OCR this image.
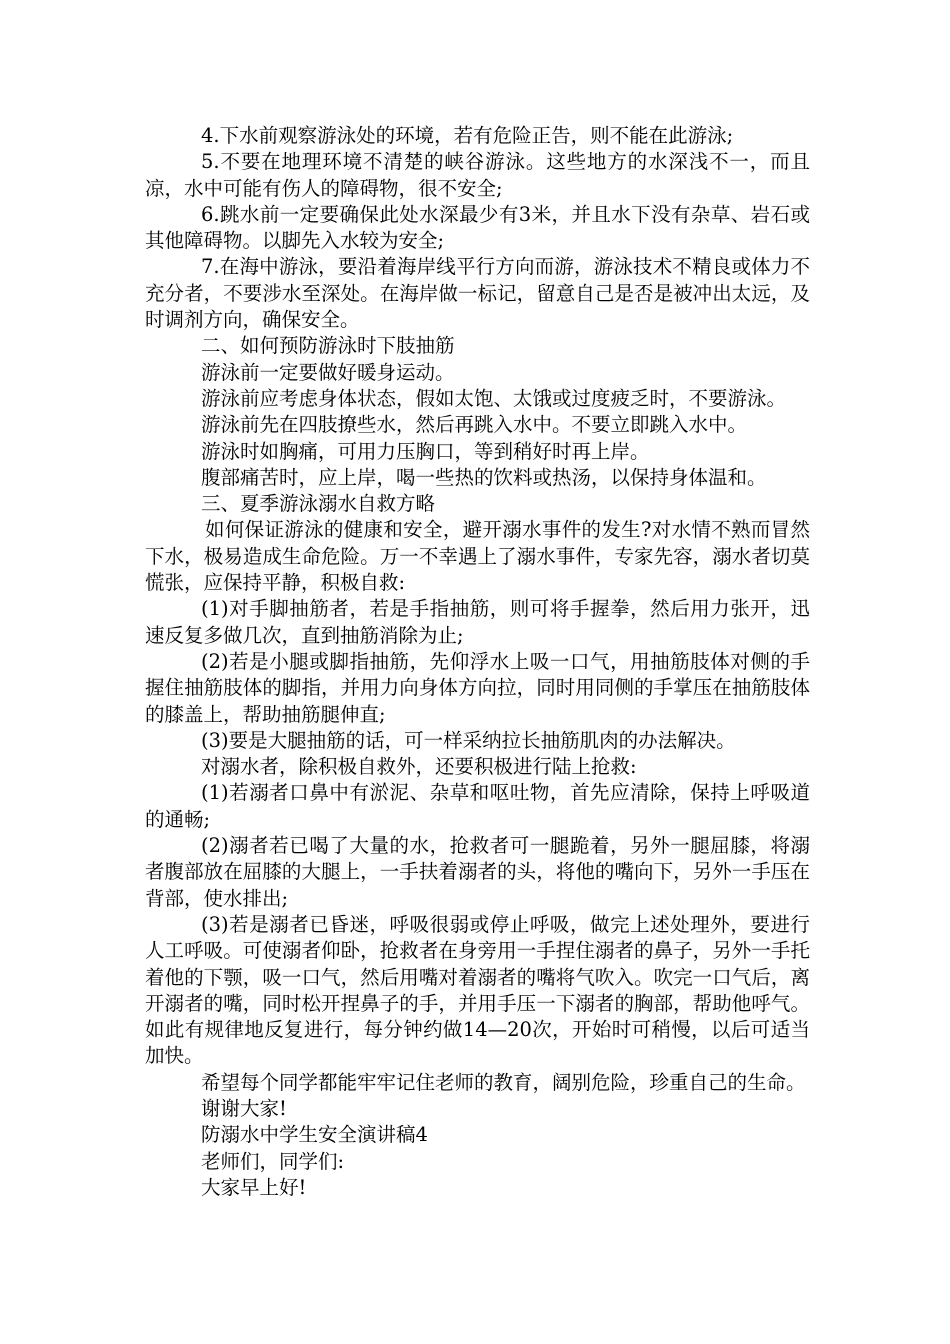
4.下水前观察游泳处的环境，若有危险正告，则不能在此游泳;

5.不要在地理环境不清楚的峡谷游泳。这些地方的水深浅不一，而且凉，水中可能有伤人的障碍物，很不安全;

6.跳水前一定要确保此处水深最少有3米，并且水下没有杂草、岩石或其他障碍物。以脚先入水较为安全;

7.在海中游泳，要沿着海岸线平行方向而游，游泳技术不精良或体力不充分者，不要涉水至深处。在海岸做一标记，留意自己是否是被冲出太远，及时调剂方向，确保安全。

二、如何预防游泳时下肢抽筋

游泳前一定要做好暖身运动。

游泳前应考虑身体状态，假如太饱、太饿或过度疲乏时，不要游泳。

游泳前先在四肢撩些水，然后再跳入水中。不要立即跳入水中。

游泳时如胸痛，可用力压胸口，等到稍好时再上岸。

腹部痛苦时，应上岸，喝一些热的饮料或热汤，以保持身体温和。

三、夏季游泳溺水自救方略

如何保证游泳的健康和安全，避开溺水事件的发生?对水情不熟而冒然下水，极易造成生命危险。万一不幸遇上了溺水事件，专家先容，溺水者切莫慌张，应保持平静，积极自救:

(1)对手脚抽筋者，若是手指抽筋，则可将手握拳，然后用力张开，迅速反复多做几次，直到抽筋消除为止;

(2)若是小腿或脚指抽筋，先仰浮水上吸一口气，用抽筋肢体对侧的手握住抽筋肢体的脚指，并用力向身体方向拉，同时用同侧的手掌压在抽筋肢体的膝盖上，帮助抽筋腿伸直;

(3)要是大腿抽筋的话，可一样采纳拉长抽筋肌肉的办法解决。

对溺水者，除积极自救外，还要积极进行陆上抢救:

(1)若溺者口鼻中有淤泥、杂草和呕吐物，首先应清除，保持上呼吸道的通畅;

(2)溺者若已喝了大量的水，抢救者可一腿跪着，另外一腿屈膝，将溺者腹部放在屈膝的大腿上，一手扶着溺者的头，将他的嘴向下，另外一手压在背部，使水排出;

(3)若是溺者已昏迷，呼吸很弱或停止呼吸，做完上述处理外，要进行人工呼吸。可使溺者仰卧，抢救者在身旁用一手捏住溺者的鼻子，另外一手托着他的下颚，吸一口气，然后用嘴对着溺者的嘴将气吹入。吹完一口气后，离开溺者的嘴，同时松开捏鼻子的手，并用手压一下溺者的胸部，帮助他呼气。如此有规律地反复进行，每分钟约做14—20次，开始时可稍慢，以后可适当加快。

希望每个同学都能牢牢记住老师的教育，阔别危险，珍重自己的生命。

谢谢大家!

防溺水中学生安全演讲稿4

老师们，同学们:

大家早上好!
